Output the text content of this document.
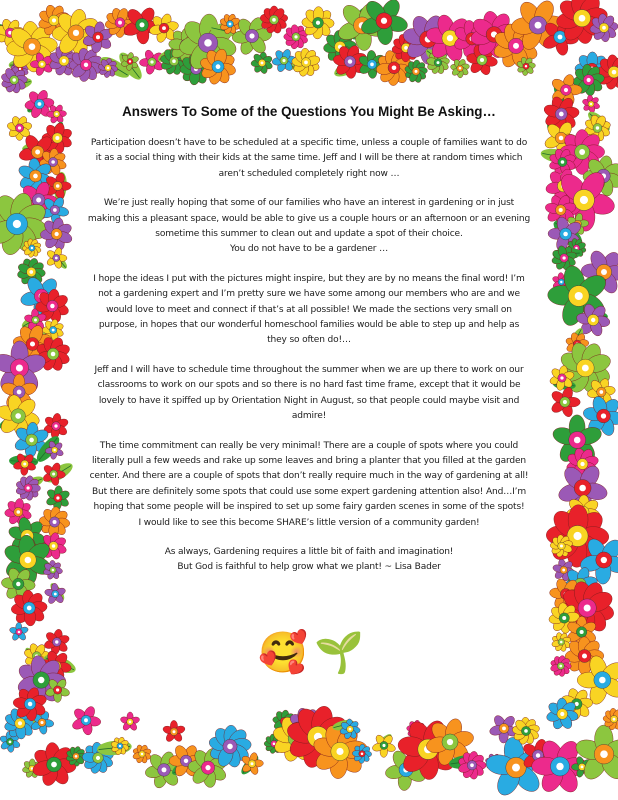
Answers To Some of the Questions You Might Be Asking…
Participation doesn’t have to be scheduled at a specific time, unless a couple of families want to do
it as a social thing with their kids at the same time. Jeff and I will be there at random times which
aren’t scheduled completely right now …
We’re just really hoping that some of our families who have an interest in gardening or in just
making this a pleasant space, would be able to give us a couple hours or an afternoon or an evening
sometime this summer to clean out and update a spot of their choice.
You do not have to be a gardener …
I hope the ideas I put with the pictures might inspire, but they are by no means the final word! I’m
not a gardening expert and I’m pretty sure we have some among our members who are and we
would love to meet and connect if that’s at all possible! We made the sections very small on
purpose, in hopes that our wonderful homeschool families would be able to step up and help as
they so often do!…
Jeff and I will have to schedule time throughout the summer when we are up there to work on our
classrooms to work on our spots and so there is no hard fast time frame, except that it would be
lovely to have it spiffed up by Orientation Night in August, so that people could maybe visit and
admire!
The time commitment can really be very minimal! There are a couple of spots where you could
literally pull a few weeds and rake up some leaves and bring a planter that you filled at the garden
center. And there are a couple of spots that don’t really require much in the way of gardening at all!
But there are definitely some spots that could use some expert gardening attention also! And…I’m
hoping that some people will be inspired to set up some fairy garden scenes in some of the spots!
I would like to see this become SHARE’s little version of a community garden!
As always, Gardening requires a little bit of faith and imagination!
But God is faithful to help grow what we plant! ~ Lisa Bader
🥰 🌱
